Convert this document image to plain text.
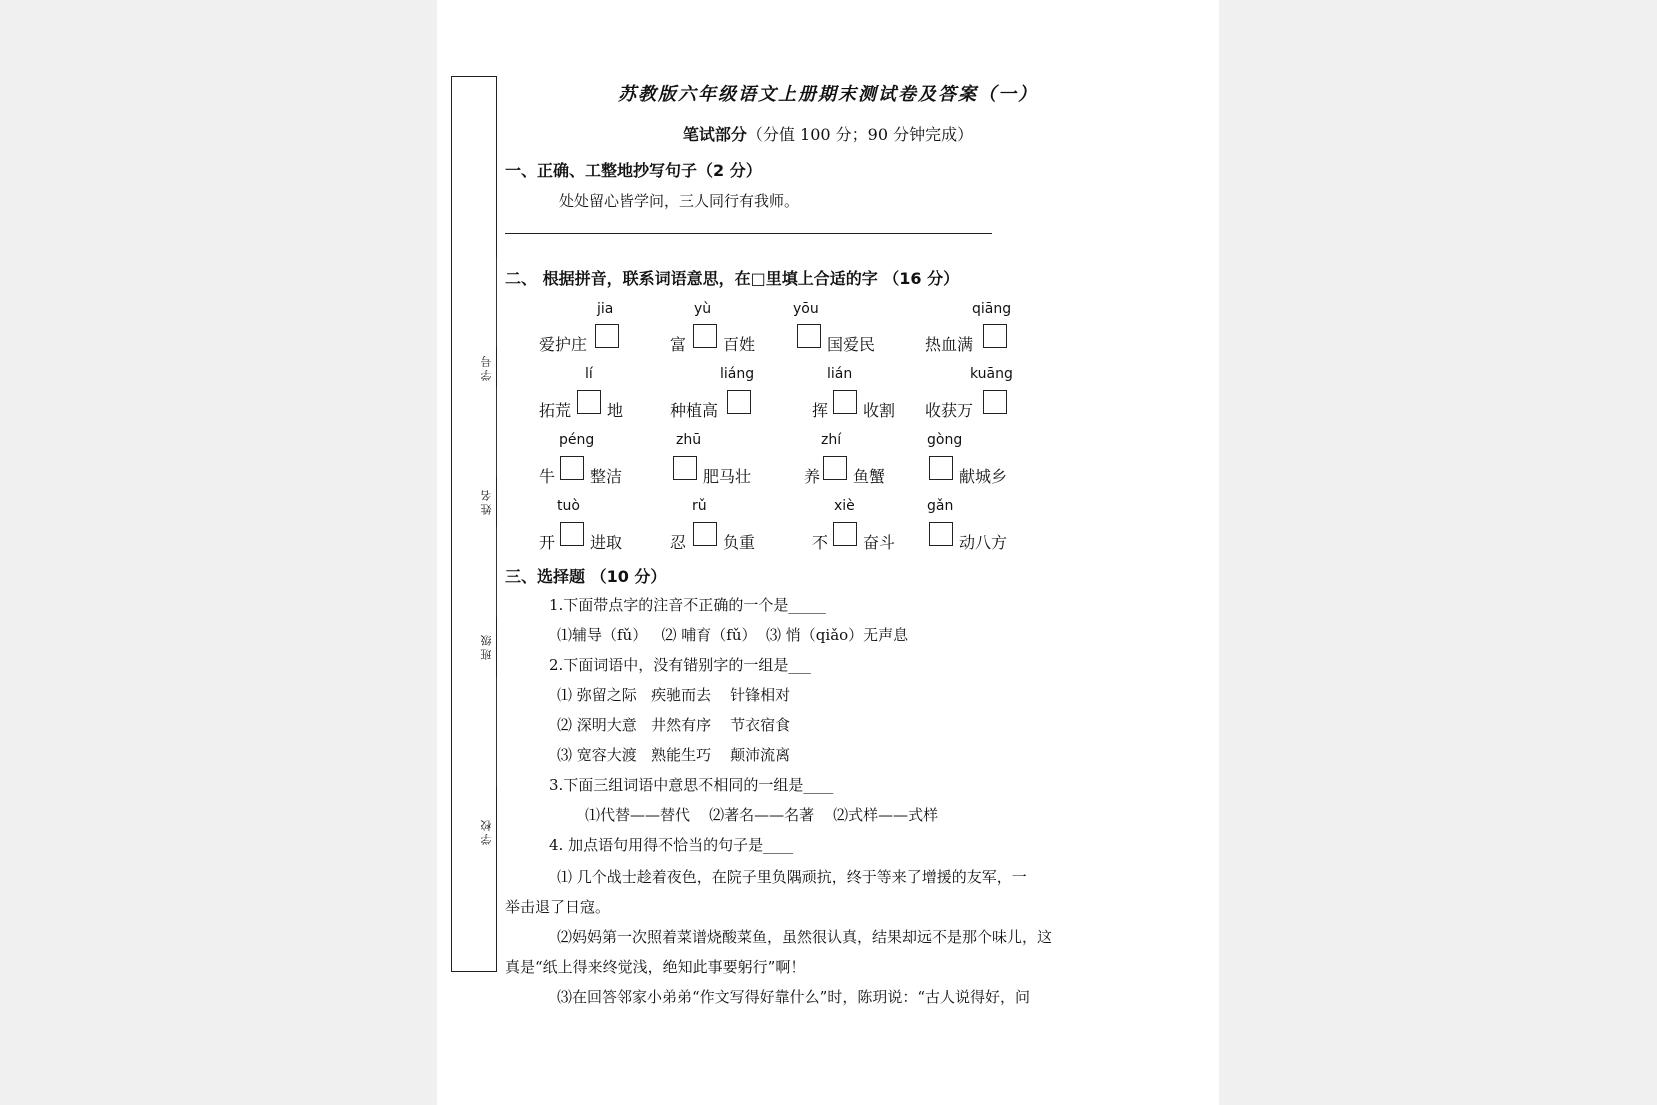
学号
姓名
班级
学校
苏教版六年级语文上册期末测试卷及答案（一）
笔试部分（分值 100 分；90 分钟完成）
一、正确、工整地抄写句子（2 分）
处处留心皆学问，三人同行有我师。
二、 根据拼音，联系词语意思，在□里填上合适的字 （16 分）
jia
爱护庄
yù
富 百姓
yōu
国爱民
qiāng
热血满
lí
拓荒 地
liáng
种植高
lián
挥 收割
kuāng
收获万
péng
牛 整洁
zhū
肥马壮
zhí
养 鱼蟹
gòng
献城乡
tuò
开 进取
rǔ
忍 负重
xiè
不 奋斗
gǎn
动八方
三、选择题 （10 分）
1.下面带点字的注音不正确的一个是_____
⑴辅导（fǔ）   ⑵ 哺育（fǔ）  ⑶ 悄（qiǎo）无声息
2.下面词语中，没有错别字的一组是___
⑴ 弥留之际   疾驰而去    针锋相对
⑵ 深明大意   井然有序    节衣宿食
⑶ 宽容大渡   熟能生巧    颠沛流离
3.下面三组词语中意思不相同的一组是____
⑴代替——替代    ⑵著名——名著    ⑵式样——式样
4. 加点语句用得不恰当的句子是____
⑴ 几个战士趁着夜色，在院子里负隅顽抗，终于等来了增援的友军，一
举击退了日寇。
⑵妈妈第一次照着菜谱烧酸菜鱼，虽然很认真，结果却远不是那个味儿，这
真是“纸上得来终觉浅，绝知此事要躬行”啊！
⑶在回答邻家小弟弟“作文写得好靠什么”时，陈玥说：“古人说得好，问
